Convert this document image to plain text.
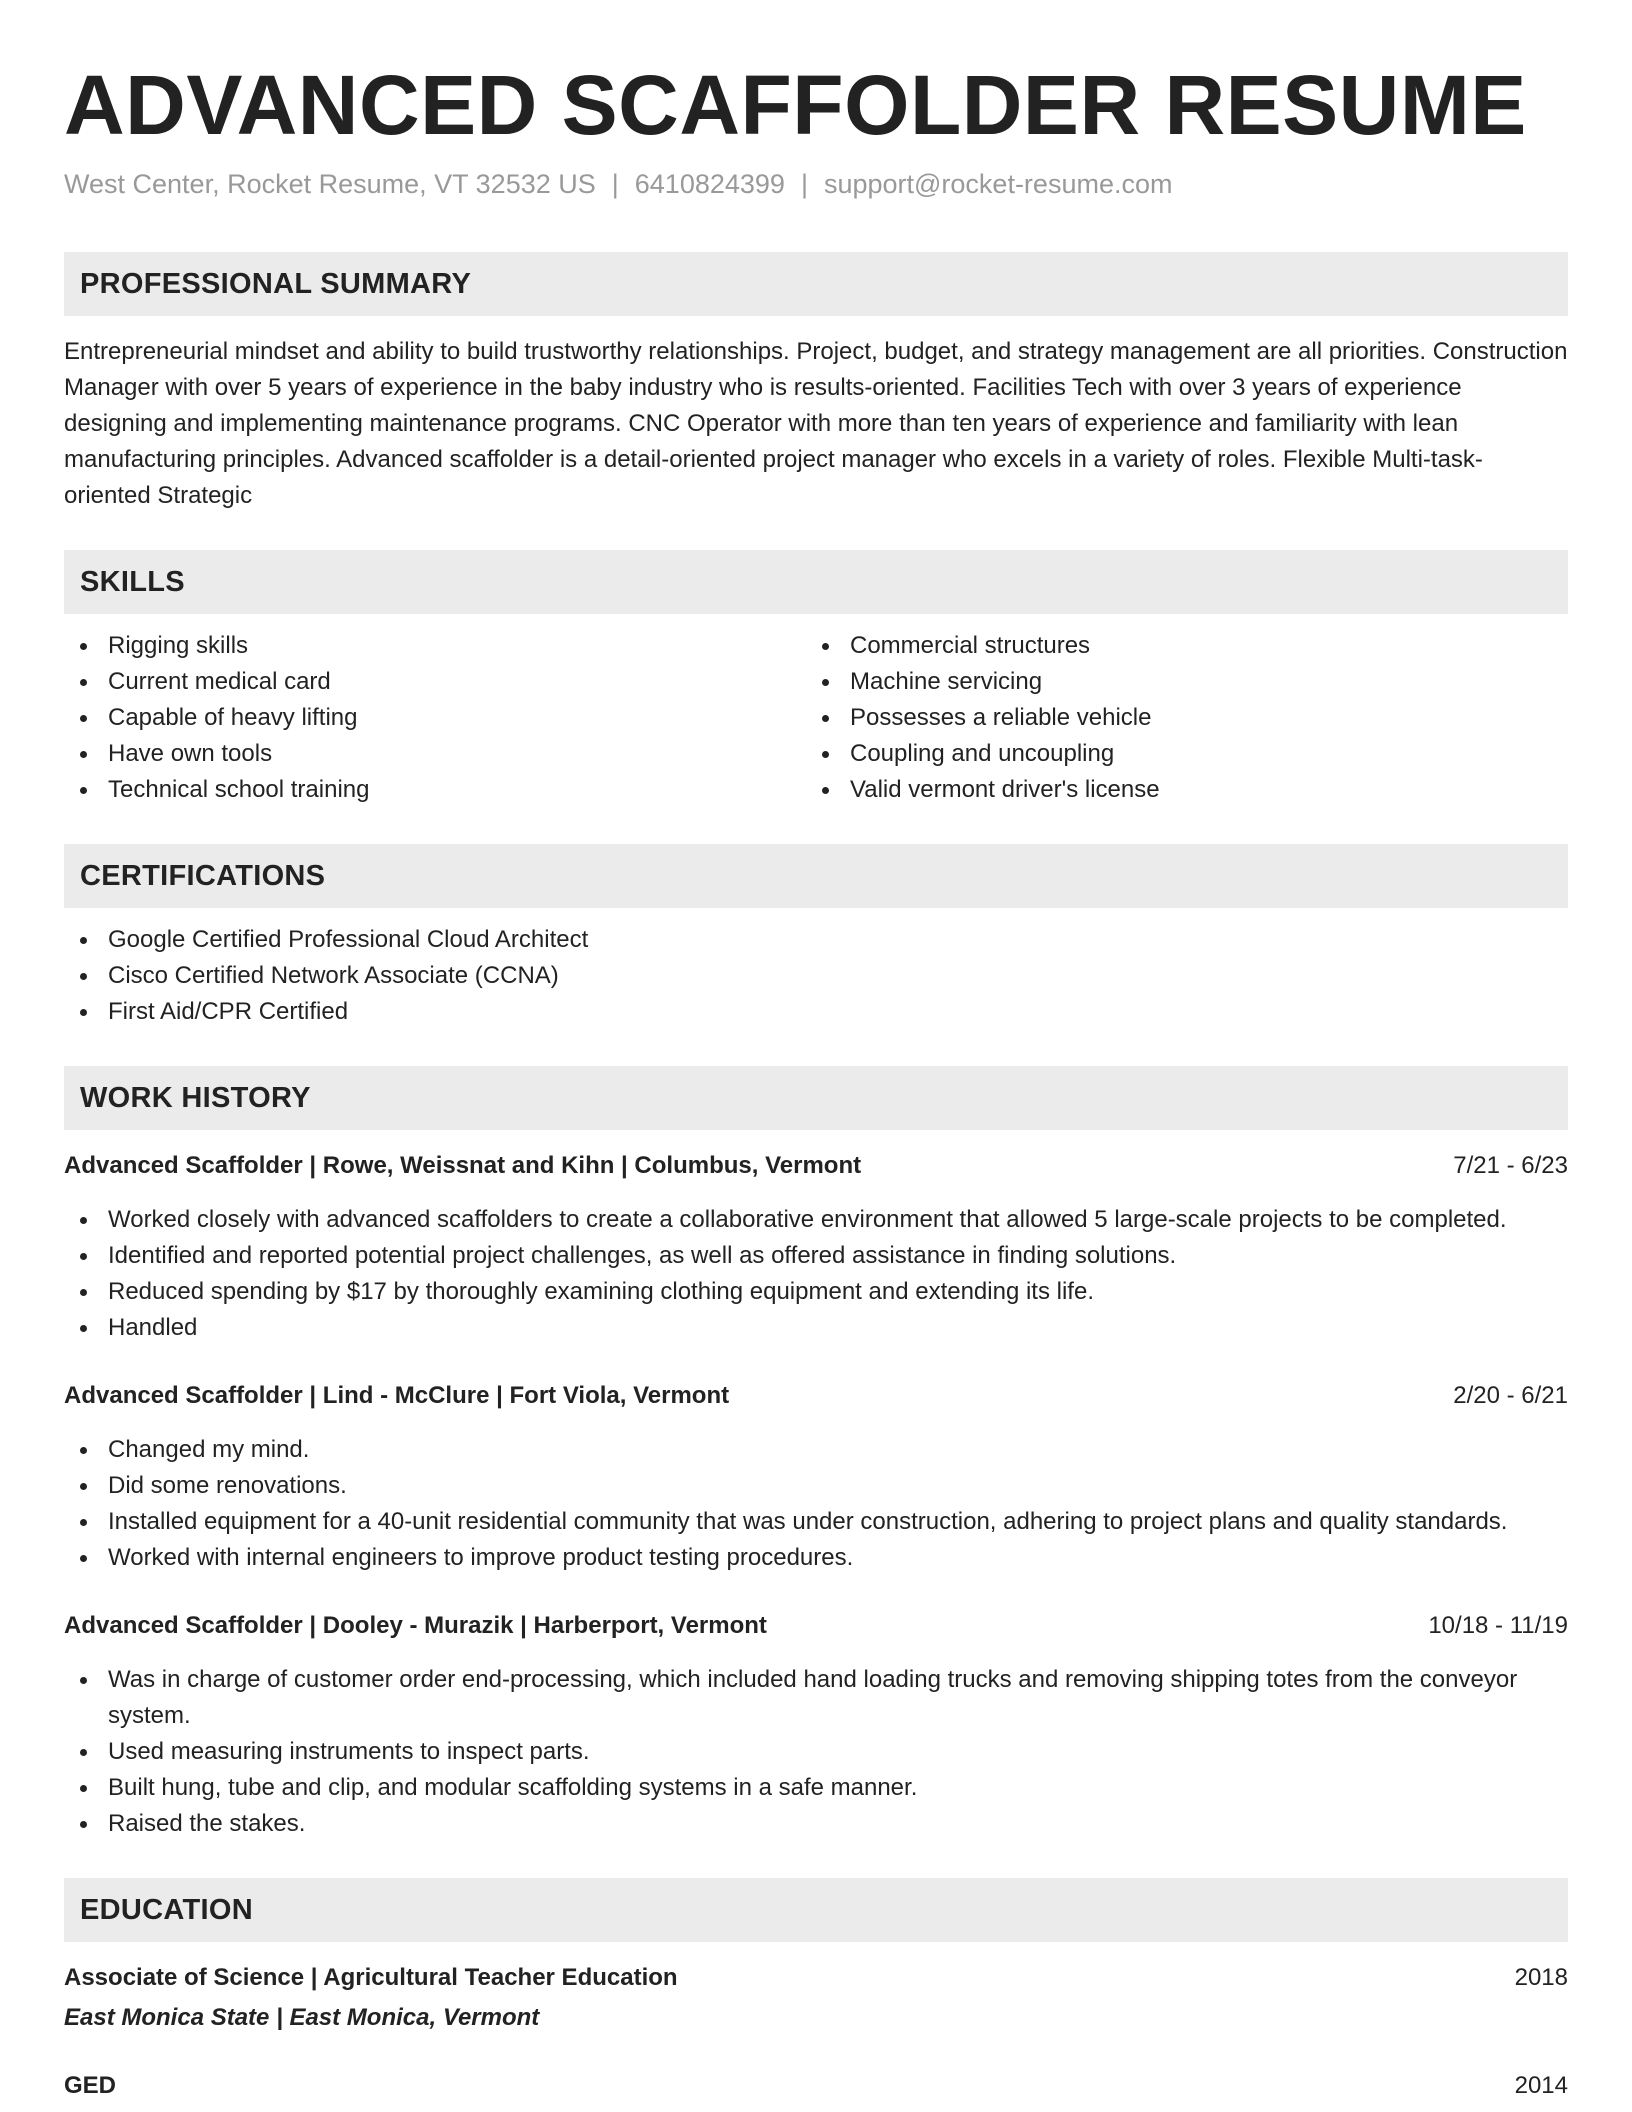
ADVANCED SCAFFOLDER RESUME
West Center, Rocket Resume, VT 32532 US | 6410824399 | support@rocket-resume.com
PROFESSIONAL SUMMARY

Entrepreneurial mindset and ability to build trustworthy relationships. Project, budget, and strategy management are all priorities. Construction Manager with over 5 years of experience in the baby industry who is results-oriented. Facilities Tech with over 3 years of experience designing and implementing maintenance programs. CNC Operator with more than ten years of experience and familiarity with lean manufacturing principles. Advanced scaffolder is a detail-oriented project manager who excels in a variety of roles. Flexible Multi-task-oriented Strategic

SKILLS
Rigging skills
Current medical card
Capable of heavy lifting
Have own tools
Technical school training
Commercial structures
Machine servicing
Possesses a reliable vehicle
Coupling and uncoupling
Valid vermont driver's license
CERTIFICATIONS
Google Certified Professional Cloud Architect
Cisco Certified Network Associate (CCNA)
First Aid/CPR Certified
WORK HISTORY
Advanced Scaffolder | Rowe, Weissnat and Kihn | Columbus, Vermont	7/21 - 6/23
Worked closely with advanced scaffolders to create a collaborative environment that allowed 5 large-scale projects to be completed.
Identified and reported potential project challenges, as well as offered assistance in finding solutions.
Reduced spending by $17 by thoroughly examining clothing equipment and extending its life.
Handled
Advanced Scaffolder | Lind - McClure | Fort Viola, Vermont	2/20 - 6/21
Changed my mind.
Did some renovations.
Installed equipment for a 40-unit residential community that was under construction, adhering to project plans and quality standards.
Worked with internal engineers to improve product testing procedures.
Advanced Scaffolder | Dooley - Murazik | Harberport, Vermont	10/18 - 11/19
Was in charge of customer order end-processing, which included hand loading trucks and removing shipping totes from the conveyor system.
Used measuring instruments to inspect parts.
Built hung, tube and clip, and modular scaffolding systems in a safe manner.
Raised the stakes.
EDUCATION
Associate of Science | Agricultural Teacher Education	2018
East Monica State | East Monica, Vermont
GED	2014
